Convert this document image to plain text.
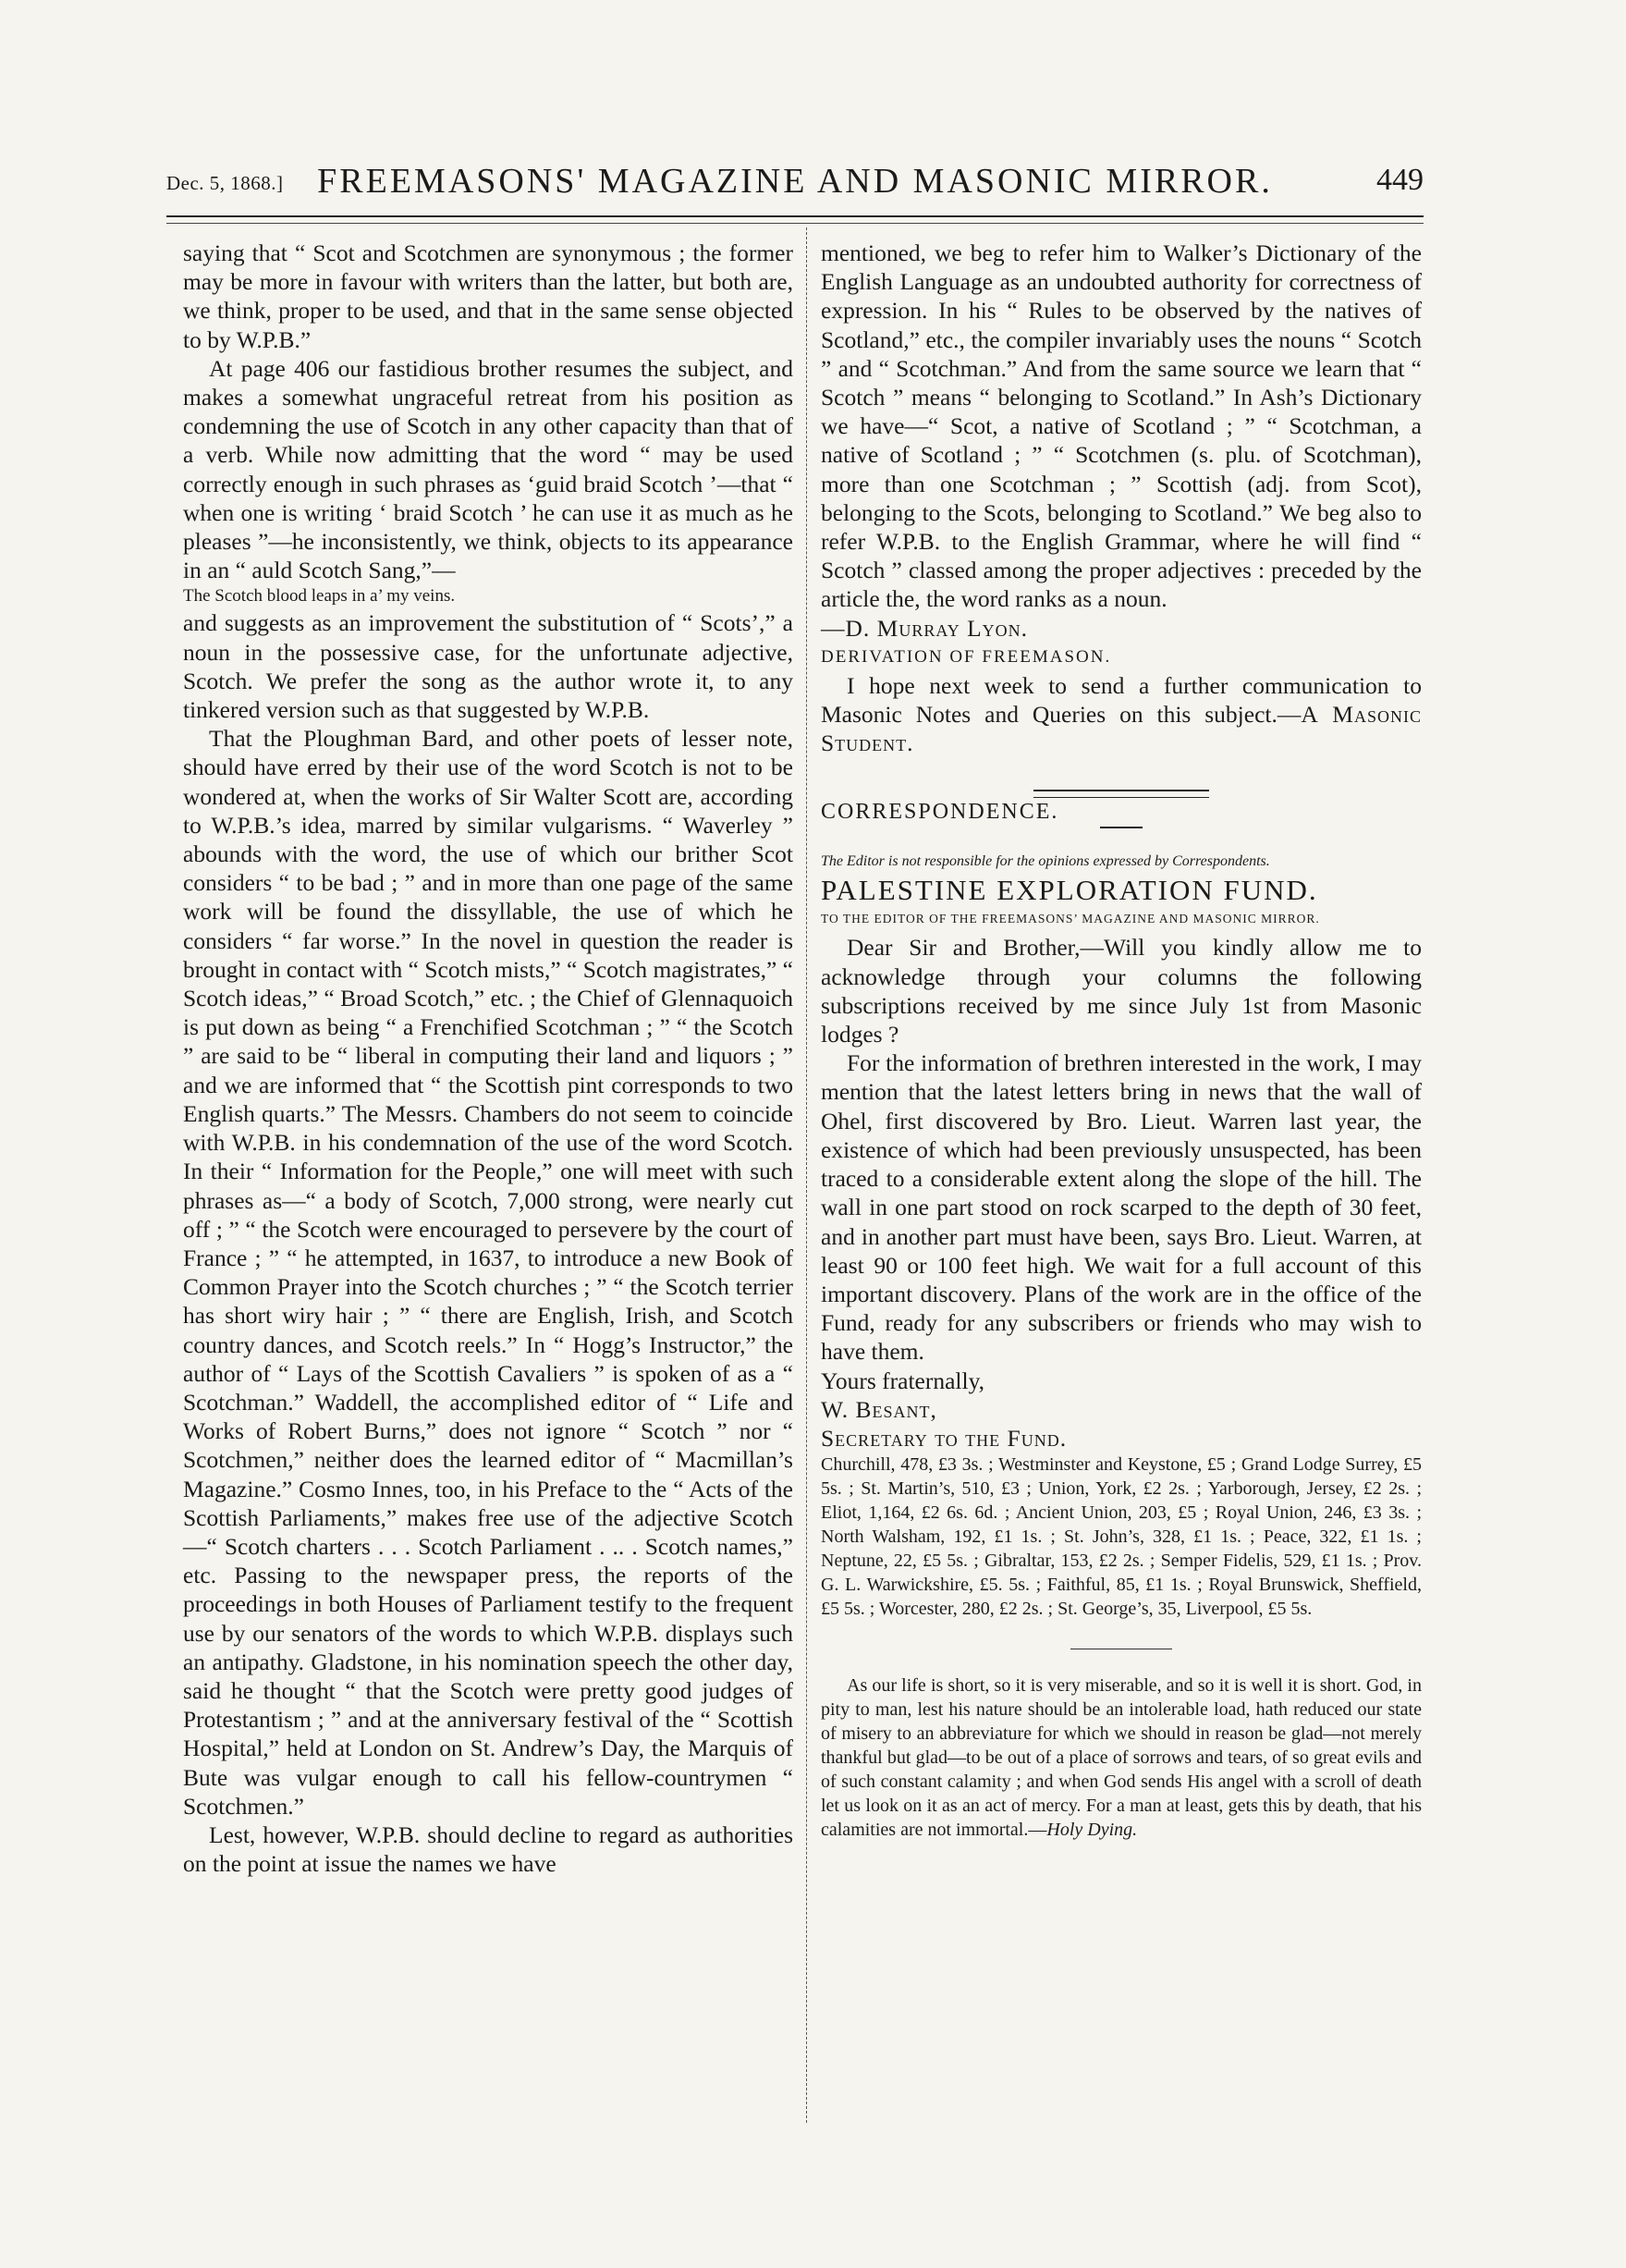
Dec. 5, 1868.] FREEMASONS' MAGAZINE AND MASONIC MIRROR.	449

saying that “ Scot and Scotchmen are synonymous ; the former may be more in favour with writers than the latter, but both are, we think, proper to be used, and that in the same sense objected to by W.P.B.”

At page 406 our fastidious brother resumes the subject, and makes a somewhat ungraceful retreat from his position as condemning the use of Scotch in any other capacity than that of a verb. While now admitting that the word “ may be used correctly enough in such phrases as ‘guid braid Scotch ’—that “ when one is writing ‘ braid Scotch ’ he can use it as much as he pleases ”—he inconsistently, we think, objects to its appearance in an “ auld Scotch Sang,”—

The Scotch blood leaps in a’ my veins.

and suggests as an improvement the substitution of “ Scots’,” a noun in the possessive case, for the unfortunate adjective, Scotch. We prefer the song as the author wrote it, to any tinkered version such as that suggested by W.P.B.

That the Ploughman Bard, and other poets of lesser note, should have erred by their use of the word Scotch is not to be wondered at, when the works of Sir Walter Scott are, according to W.P.B.’s idea, marred by similar vulgarisms. “ Waverley ” abounds with the word, the use of which our brither Scot considers “ to be bad ; ” and in more than one page of the same work will be found the dissyllable, the use of which he considers “ far worse.” In the novel in question the reader is brought in contact with “ Scotch mists,” “ Scotch magistrates,” “ Scotch ideas,” “ Broad Scotch,” etc. ; the Chief of Glennaquoich is put down as being “ a Frenchified Scotchman ; ” “ the Scotch ” are said to be “ liberal in computing their land and liquors ; ” and we are informed that “ the Scottish pint corresponds to two English quarts.” The Messrs. Chambers do not seem to coincide with W.P.B. in his condemnation of the use of the word Scotch. In their “ Information for the People,” one will meet with such phrases as—“ a body of Scotch, 7,000 strong, were nearly cut off ; ” “ the Scotch were encouraged to persevere by the court of France ; ” “ he attempted, in 1637, to introduce a new Book of Common Prayer into the Scotch churches ; ” “ the Scotch terrier has short wiry hair ; ” “ there are English, Irish, and Scotch country dances, and Scotch reels.” In “ Hogg’s Instructor,” the author of “ Lays of the Scottish Cavaliers ” is spoken of as a “ Scotchman.” Waddell, the accomplished editor of “ Life and Works of Robert Burns,” does not ignore “ Scotch ” nor “ Scotchmen,” neither does the learned editor of “ Macmillan’s Magazine.” Cosmo Innes, too, in his Preface to the “ Acts of the Scottish Parliaments,” makes free use of the adjective Scotch—“ Scotch charters . . . Scotch Parliament . .. . Scotch names,” etc. Passing to the newspaper press, the reports of the proceedings in both Houses of Parliament testify to the frequent use by our senators of the words to which W.P.B. displays such an antipathy. Gladstone, in his nomination speech the other day, said he thought “ that the Scotch were pretty good judges of Protestantism ; ” and at the anniversary festival of the “ Scottish Hospital,” held at London on St. Andrew’s Day, the Marquis of Bute was vulgar enough to call his fellow-countrymen “ Scotchmen.”

Lest, however, W.P.B. should decline to regard as authorities on the point at issue the names we have

mentioned, we beg to refer him to Walker’s Dictionary of the English Language as an undoubted authority for correctness of expression. In his “ Rules to be observed by the natives of Scotland,” etc., the compiler invariably uses the nouns “ Scotch ” and “ Scotchman.” And from the same source we learn that “ Scotch ” means “ belonging to Scotland.” In Ash’s Dictionary we have—“ Scot, a native of Scotland ; ” “ Scotchman, a native of Scotland ; ” “ Scotchmen (s. plu. of Scotchman), more than one Scotchman ; ” Scottish (adj. from Scot), belonging to the Scots, belonging to Scotland.” We beg also to refer W.P.B. to the English Grammar, where he will find “ Scotch ” classed among the proper adjectives : preceded by the article the, the word ranks as a noun.

—D. Murray Lyon.

DERIVATION OF FREEMASON.

I hope next week to send a further communication to Masonic Notes and Queries on this subject.—A Masonic Student.

CORRESPONDENCE.

The Editor is not responsible for the opinions expressed by Correspondents.

PALESTINE EXPLORATION FUND.

TO THE EDITOR OF THE FREEMASONS’ MAGAZINE AND MASONIC MIRROR.

Dear Sir and Brother,—Will you kindly allow me to acknowledge through your columns the following subscriptions received by me since July 1st from Masonic lodges ?

For the information of brethren interested in the work, I may mention that the latest letters bring in news that the wall of Ohel, first discovered by Bro. Lieut. Warren last year, the existence of which had been previously unsuspected, has been traced to a considerable extent along the slope of the hill. The wall in one part stood on rock scarped to the depth of 30 feet, and in another part must have been, says Bro. Lieut. Warren, at least 90 or 100 feet high. We wait for a full account of this important discovery. Plans of the work are in the office of the Fund, ready for any subscribers or friends who may wish to have them.

Yours fraternally,

W. Besant,

Secretary to the Fund.

Churchill, 478, £3 3s. ; Westminster and Keystone, £5 ; Grand Lodge Surrey, £5 5s. ; St. Martin’s, 510, £3 ; Union, York, £2 2s. ; Yarborough, Jersey, £2 2s. ; Eliot, 1,164, £2 6s. 6d. ; Ancient Union, 203, £5 ; Royal Union, 246, £3 3s. ; North Walsham, 192, £1 1s. ; St. John’s, 328, £1 1s. ; Peace, 322, £1 1s. ; Neptune, 22, £5 5s. ; Gibraltar, 153, £2 2s. ; Semper Fidelis, 529, £1 1s. ; Prov. G. L. Warwickshire, £5. 5s. ; Faithful, 85, £1 1s. ; Royal Brunswick, Sheffield, £5 5s. ; Worcester, 280, £2 2s. ; St. George’s, 35, Liverpool, £5 5s.

As our life is short, so it is very miserable, and so it is well it is short. God, in pity to man, lest his nature should be an intolerable load, hath reduced our state of misery to an abbreviature for which we should in reason be glad—not merely thankful but glad—to be out of a place of sorrows and tears, of so great evils and of such constant calamity ; and when God sends His angel with a scroll of death let us look on it as an act of mercy. For a man at least, gets this by death, that his calamities are not immortal.—Holy Dying.
